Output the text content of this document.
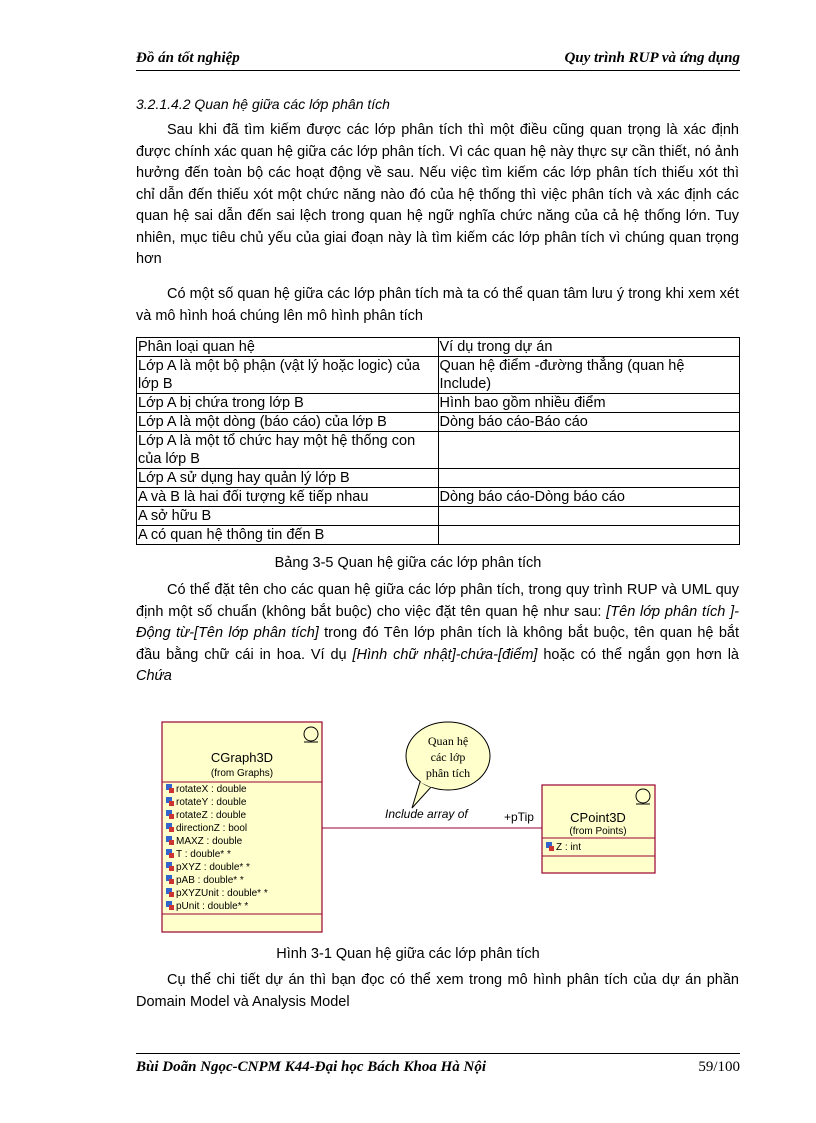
Đồ án tốt nghiệp	Quy trình RUP và ứng dụng
3.2.1.4.2 Quan hệ giữa các lớp phân tích

Sau khi đã tìm kiếm được các lớp phân tích thì một điều cũng quan trọng là xác định được chính xác quan hệ giữa các lớp phân tích. Vì các quan hệ này thực sự cần thiết, nó ảnh hưởng đến toàn bộ các hoạt động về sau. Nếu việc tìm kiếm các lớp phân tích thiếu xót thì chỉ dẫn đến thiếu xót một chức năng nào đó của hệ thống thì việc phân tích và xác định các quan hệ sai dẫn đến sai lệch trong quan hệ ngữ nghĩa chức năng của cả hệ thống lớn. Tuy nhiên, mục tiêu chủ yếu của giai đoạn này là tìm kiếm các lớp phân tích vì chúng quan trọng hơn

Có một số quan hệ giữa các lớp phân tích mà ta có thể quan tâm lưu ý trong khi xem xét và mô hình hoá chúng lên mô hình phân tích

Phân loại quan hệ	Ví dụ trong dự án
Lớp A là một bộ phận (vật lý hoặc logic) của lớp B	Quan hệ điểm -đường thẳng (quan hệ Include)
Lớp A bị chứa trong lớp B	Hình bao gồm nhiều điểm
Lớp A là một dòng (báo cáo) của lớp B	Dòng báo cáo-Báo cáo
Lớp A là một tổ chức hay một hệ thống con của lớp B	
Lớp A sử dụng hay quản lý lớp B	
A và B là hai đối tượng kế tiếp nhau	Dòng báo cáo-Dòng báo cáo
A sở hữu B	
A có quan hệ thông tin đến B	
Bảng 3-5 Quan hệ giữa các lớp phân tích

Có thể đặt tên cho các quan hệ giữa các lớp phân tích, trong quy trình RUP và UML quy định một số chuẩn (không bắt buộc) cho việc đặt tên quan hệ như sau: [Tên lớp phân tích ]-Động từ-[Tên lớp phân tích] trong đó Tên lớp phân tích là không bắt buộc, tên quan hệ bắt đầu bằng chữ cái in hoa. Ví dụ [Hình chữ nhật]-chứa-[điểm] hoặc có thể ngắn gọn hơn là Chứa

CGraph3D
(from Graphs)
rotateX : double
rotateY : double
rotateZ : double
directionZ : bool
MAXZ : double
T : double* *
pXYZ : double* *
pAB : double* *
pXYZUnit : double* *
pUnit : double* *
Include array of	+pTip
Quan hệ
các lớp
phân tích
CPoint3D
(from Points)
Z : int
Hình 3-1 Quan hệ giữa các lớp phân tích

Cụ thể chi tiết dự án thì bạn đọc có thể xem trong mô hình phân tích của dự án phần Domain Model và Analysis Model

Bùi Doãn Ngọc-CNPM K44-Đại học Bách Khoa Hà Nội	59/100
